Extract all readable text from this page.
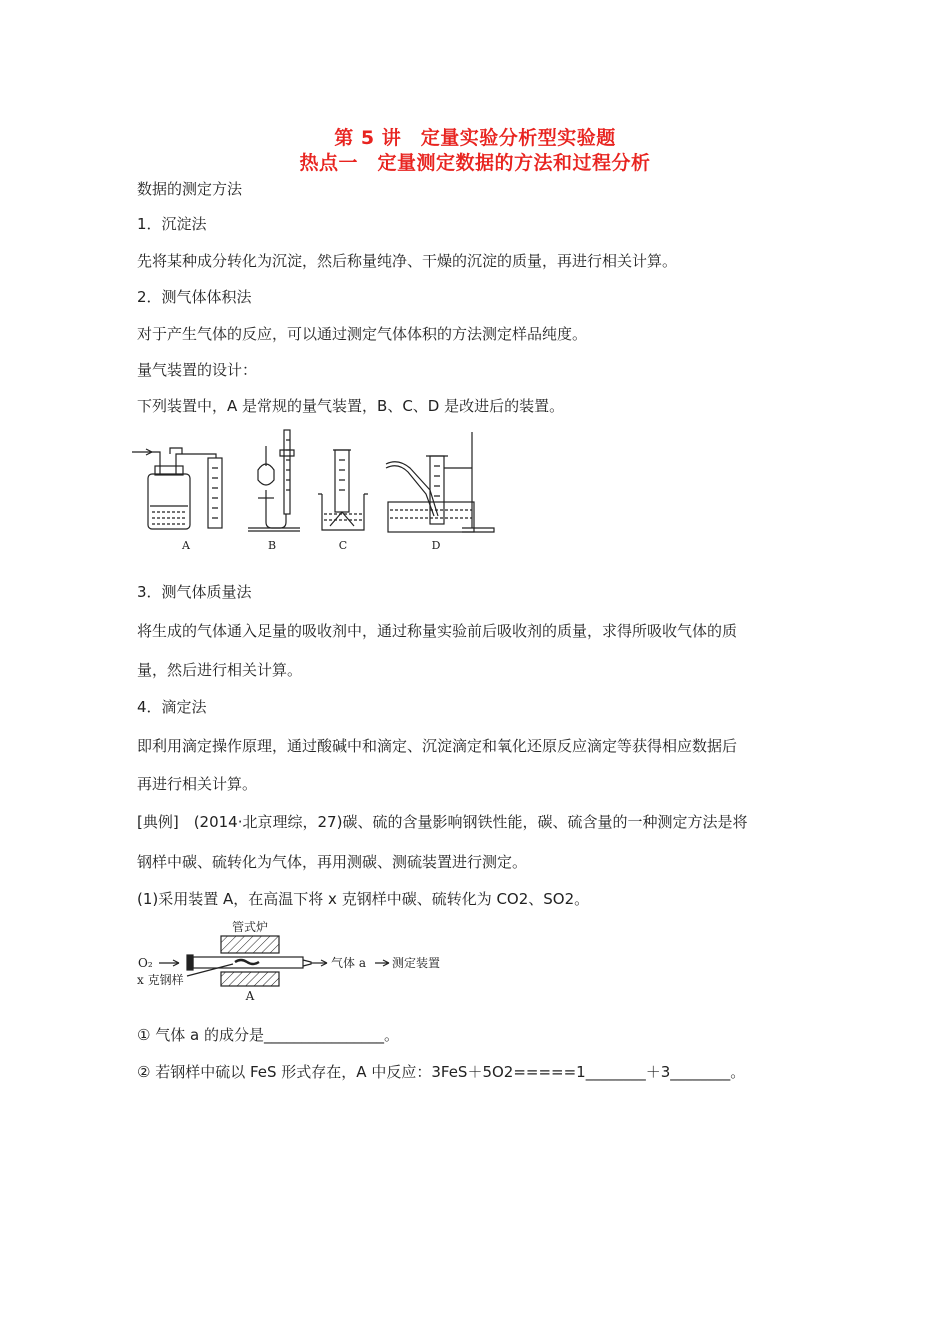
第 5 讲　定量实验分析型实验题
热点一　定量测定数据的方法和过程分析
数据的测定方法
1．沉淀法
先将某种成分转化为沉淀，然后称量纯净、干燥的沉淀的质量，再进行相关计算。
2．测气体体积法
对于产生气体的反应，可以通过测定气体体积的方法测定样品纯度。
量气装置的设计：
下列装置中，A 是常规的量气装置，B、C、D 是改进后的装置。
A	B	C	D
3．测气体质量法
将生成的气体通入足量的吸收剂中，通过称量实验前后吸收剂的质量，求得所吸收气体的质
量，然后进行相关计算。
4．滴定法
即利用滴定操作原理，通过酸碱中和滴定、沉淀滴定和氧化还原反应滴定等获得相应数据后
再进行相关计算。
[典例]　(2014·北京理综，27)碳、硫的含量影响钢铁性能，碳、硫含量的一种测定方法是将
钢样中碳、硫转化为气体，再用测碳、测硫装置进行测定。
(1)采用装置 A，在高温下将 x 克钢样中碳、硫转化为 CO2、SO2。
管式炉
O₂
x 克钢样
气体 a 测定装置
A
① 气体 a 的成分是________________。
② 若钢样中硫以 FeS 形式存在，A 中反应：3FeS＋5O2=====1________＋3________。
